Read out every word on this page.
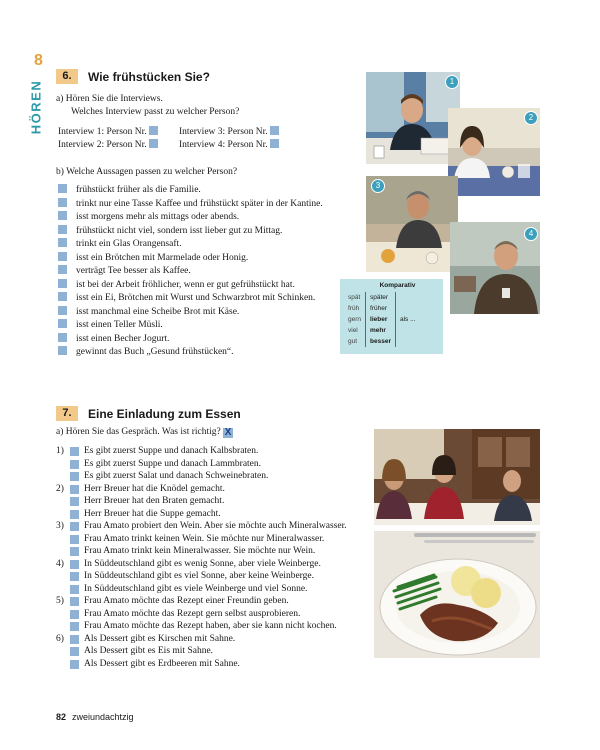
8
HÖREN
6.	Wie frühstücken Sie?
a) Hören Sie die Interviews.
Welches Interview passt zu welcher Person?
Interview 1: Person Nr.
Interview 2: Person Nr.
Interview 3: Person Nr.
Interview 4: Person Nr.
b) Welche Aussagen passen zu welcher Person?
frühstückt früher als die Familie.
trinkt nur eine Tasse Kaffee und frühstückt später in der Kantine.
isst morgens mehr als mittags oder abends.
frühstückt nicht viel, sondern isst lieber gut zu Mittag.
trinkt ein Glas Orangensaft.
isst ein Brötchen mit Marmelade oder Honig.
verträgt Tee besser als Kaffee.
ist bei der Arbeit fröhlicher, wenn er gut gefrühstückt hat.
isst ein Ei, Brötchen mit Wurst und Schwarzbrot mit Schinken.
isst manchmal eine Scheibe Brot mit Käse.
isst einen Teller Müsli.
isst einen Becher Jogurt.
gewinnt das Buch „Gesund frühstücken“.
1
2
3
4
Komparativ
spät	später	
früh	früher	
gern	lieber	als ...
viel	mehr	
gut	besser	
7.	Eine Einladung zum Essen
a) Hören Sie das Gespräch. Was ist richtig? X
1)	Es gibt zuerst Suppe und danach Kalbsbraten.
Es gibt zuerst Suppe und danach Lammbraten.
Es gibt zuerst Salat und danach Schweinebraten.
2)	Herr Breuer hat die Knödel gemacht.
Herr Breuer hat den Braten gemacht.
Herr Breuer hat die Suppe gemacht.
3)	Frau Amato probiert den Wein. Aber sie möchte auch Mineralwasser.
Frau Amato trinkt keinen Wein. Sie möchte nur Mineralwasser.
Frau Amato trinkt kein Mineralwasser. Sie möchte nur Wein.
4)	In Süddeutschland gibt es wenig Sonne, aber viele Weinberge.
In Süddeutschland gibt es viel Sonne, aber keine Weinberge.
In Süddeutschland gibt es viele Weinberge und viel Sonne.
5)	Frau Amato möchte das Rezept einer Freundin geben.
Frau Amato möchte das Rezept gern selbst ausprobieren.
Frau Amato möchte das Rezept haben, aber sie kann nicht kochen.
6)	Als Dessert gibt es Kirschen mit Sahne.
Als Dessert gibt es Eis mit Sahne.
Als Dessert gibt es Erdbeeren mit Sahne.
82 zweiundachtzig
